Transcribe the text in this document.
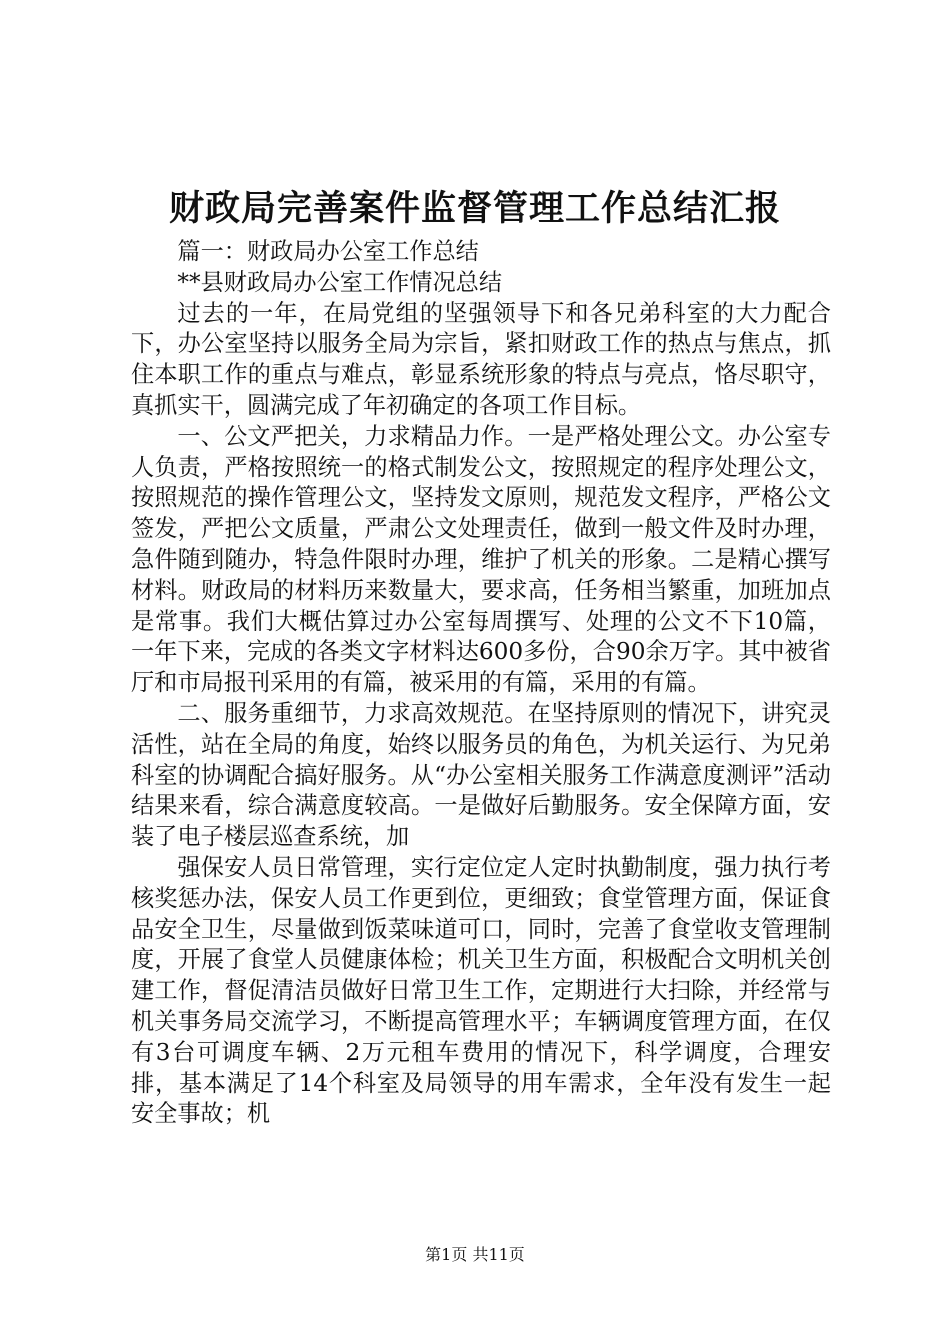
财政局完善案件监督管理工作总结汇报

篇一：财政局办公室工作总结

**县财政局办公室工作情况总结

过去的一年，在局党组的坚强领导下和各兄弟科室的大力配合下，办公室坚持以服务全局为宗旨，紧扣财政工作的热点与焦点，抓住本职工作的重点与难点，彰显系统形象的特点与亮点，恪尽职守，真抓实干，圆满完成了年初确定的各项工作目标。

一、公文严把关，力求精品力作。一是严格处理公文。办公室专人负责，严格按照统一的格式制发公文，按照规定的程序处理公文，按照规范的操作管理公文，坚持发文原则，规范发文程序，严格公文签发，严把公文质量，严肃公文处理责任，做到一般文件及时办理，急件随到随办，特急件限时办理，维护了机关的形象。二是精心撰写材料。财政局的材料历来数量大，要求高，任务相当繁重，加班加点是常事。我们大概估算过办公室每周撰写、处理的公文不下10篇，一年下来，完成的各类文字材料达600多份，合90余万字。其中被省厅和市局报刊采用的有篇，被采用的有篇，采用的有篇。

二、服务重细节，力求高效规范。在坚持原则的情况下，讲究灵活性，站在全局的角度，始终以服务员的角色，为机关运行、为兄弟科室的协调配合搞好服务。从“办公室相关服务工作满意度测评”活动结果来看，综合满意度较高。一是做好后勤服务。安全保障方面，安装了电子楼层巡查系统，加

强保安人员日常管理，实行定位定人定时执勤制度，强力执行考核奖惩办法，保安人员工作更到位，更细致；食堂管理方面，保证食品安全卫生，尽量做到饭菜味道可口，同时，完善了食堂收支管理制度，开展了食堂人员健康体检；机关卫生方面，积极配合文明机关创建工作，督促清洁员做好日常卫生工作，定期进行大扫除，并经常与机关事务局交流学习，不断提高管理水平；车辆调度管理方面，在仅有3台可调度车辆、2万元租车费用的情况下，科学调度，合理安排，基本满足了14个科室及局领导的用车需求，全年没有发生一起安全事故；机

第1页 共11页
